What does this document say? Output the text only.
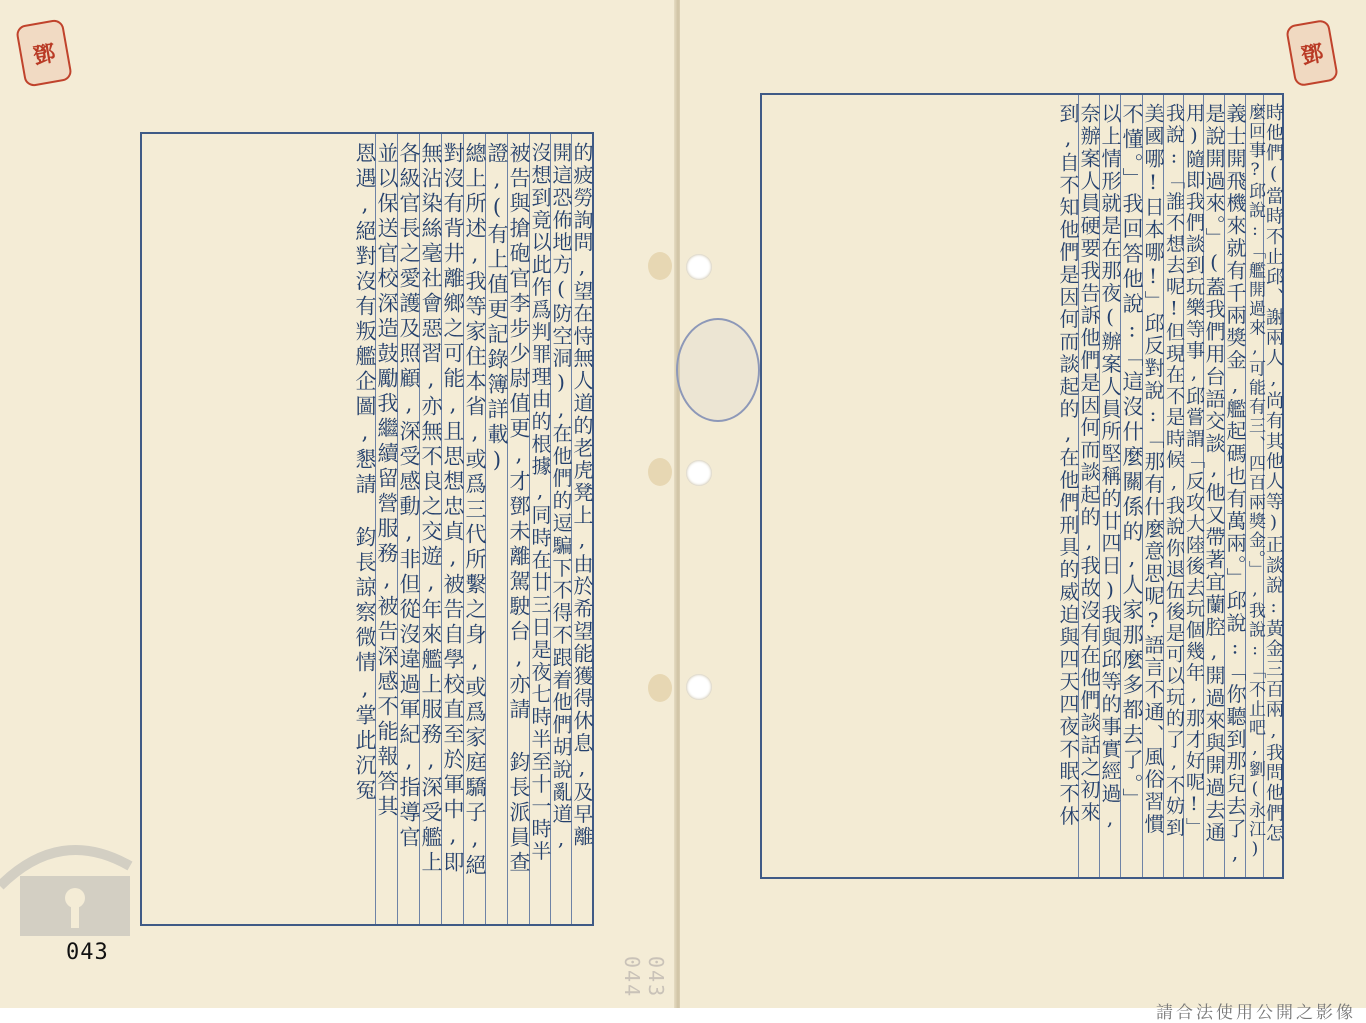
鄧
的疲勞詢問,望在恃無人道的老虎凳上,由於希望能獲得休息,及早離
開這恐佈地方(防空洞),在他們的逗騙下不得不跟着他們胡說亂道,
沒想到竟以此作爲判罪理由的根據,同時在廿三日是夜七時半至十一時半
被告與搶砲官李步少尉值更,才鄧未離駕駛台,亦請 鈞長派員查
證,(有上值更記錄簿詳載)
總上所述,我等家住本省,或爲三代所繫之身,或爲家庭驕子,絕
對沒有背井離鄉之可能,且思想忠貞,被告自學校直至於軍中,即
無沾染絲毫社會惡習,亦無不良之交遊,年來艦上服務,深受艦上
各級官長之愛護及照顧,深受感動,非但從沒違過軍紀,指導官
並以保送官校深造鼓勵我繼續留營服務,被告深感不能報答其
恩遇,絕對沒有叛艦企圖,懇請 鈞長諒察微情,掌此沉冤
043
043 044
鄧
時他們(當時不止邱、謝兩人,尚有其他人等)正談說:黃金三百兩,我問他們怎
麼回事?邱說:「艦開過來,可能有三、四百兩獎金。」,我說:「不止吧,劉(永江)
義士開飛機來就有千兩獎金,艦起碼也有萬兩。」邱說:「你聽到那兒去了,
是說開過來。」(蓋我們用台語交談,他又帶著宜蘭腔,開過來與開過去通
用)隨即我們談到玩樂等事,邱嘗謂「反攻大陸後去玩個幾年,那才好呢!」
我說:「誰不想去呢!但現在不是時候,我說你退伍後是可以玩的了,不妨到
美國哪!日本哪!」邱反對說:「那有什麼意思呢?語言不通、風俗習慣
不懂。」我回答他說:「這沒什麼關係的,人家那麼多都去了。」
以上情形就是在那夜(辦案人員所堅稱的廿四日)我與邱等的事實經過,
奈辦案人員硬要我告訴他們是因何而談起的,我故沒有在他們談話之初來
到,自不知他們是因何而談起的,在他們刑具的威迫與四天四夜不眠不休
請合法使用公開之影像
